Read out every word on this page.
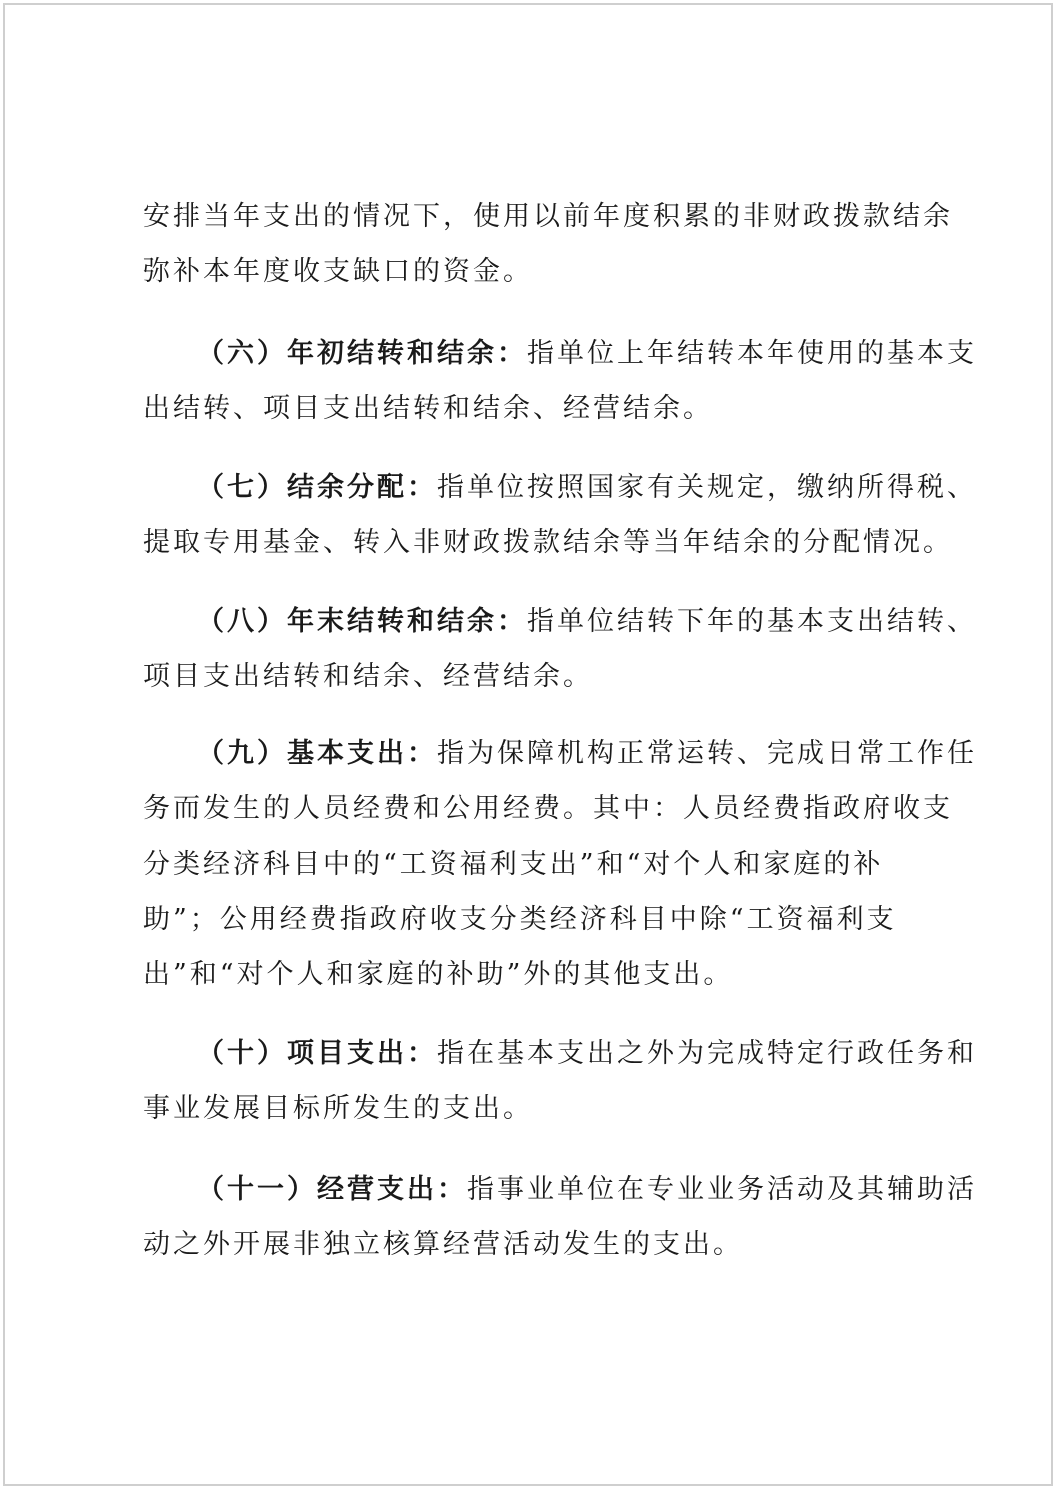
安排当年支出的情况下，使用以前年度积累的非财政拨款结余
弥补本年度收支缺口的资金。
（六）年初结转和结余：指单位上年结转本年使用的基本支
出结转、项目支出结转和结余、经营结余。
（七）结余分配：指单位按照国家有关规定，缴纳所得税、
提取专用基金、转入非财政拨款结余等当年结余的分配情况。
（八）年末结转和结余：指单位结转下年的基本支出结转、
项目支出结转和结余、经营结余。
（九）基本支出：指为保障机构正常运转、完成日常工作任
务而发生的人员经费和公用经费。其中：人员经费指政府收支
分类经济科目中的“工资福利支出”和“对个人和家庭的补
助”；公用经费指政府收支分类经济科目中除“工资福利支
出”和“对个人和家庭的补助”外的其他支出。
（十）项目支出：指在基本支出之外为完成特定行政任务和
事业发展目标所发生的支出。
（十一）经营支出：指事业单位在专业业务活动及其辅助活
动之外开展非独立核算经营活动发生的支出。
